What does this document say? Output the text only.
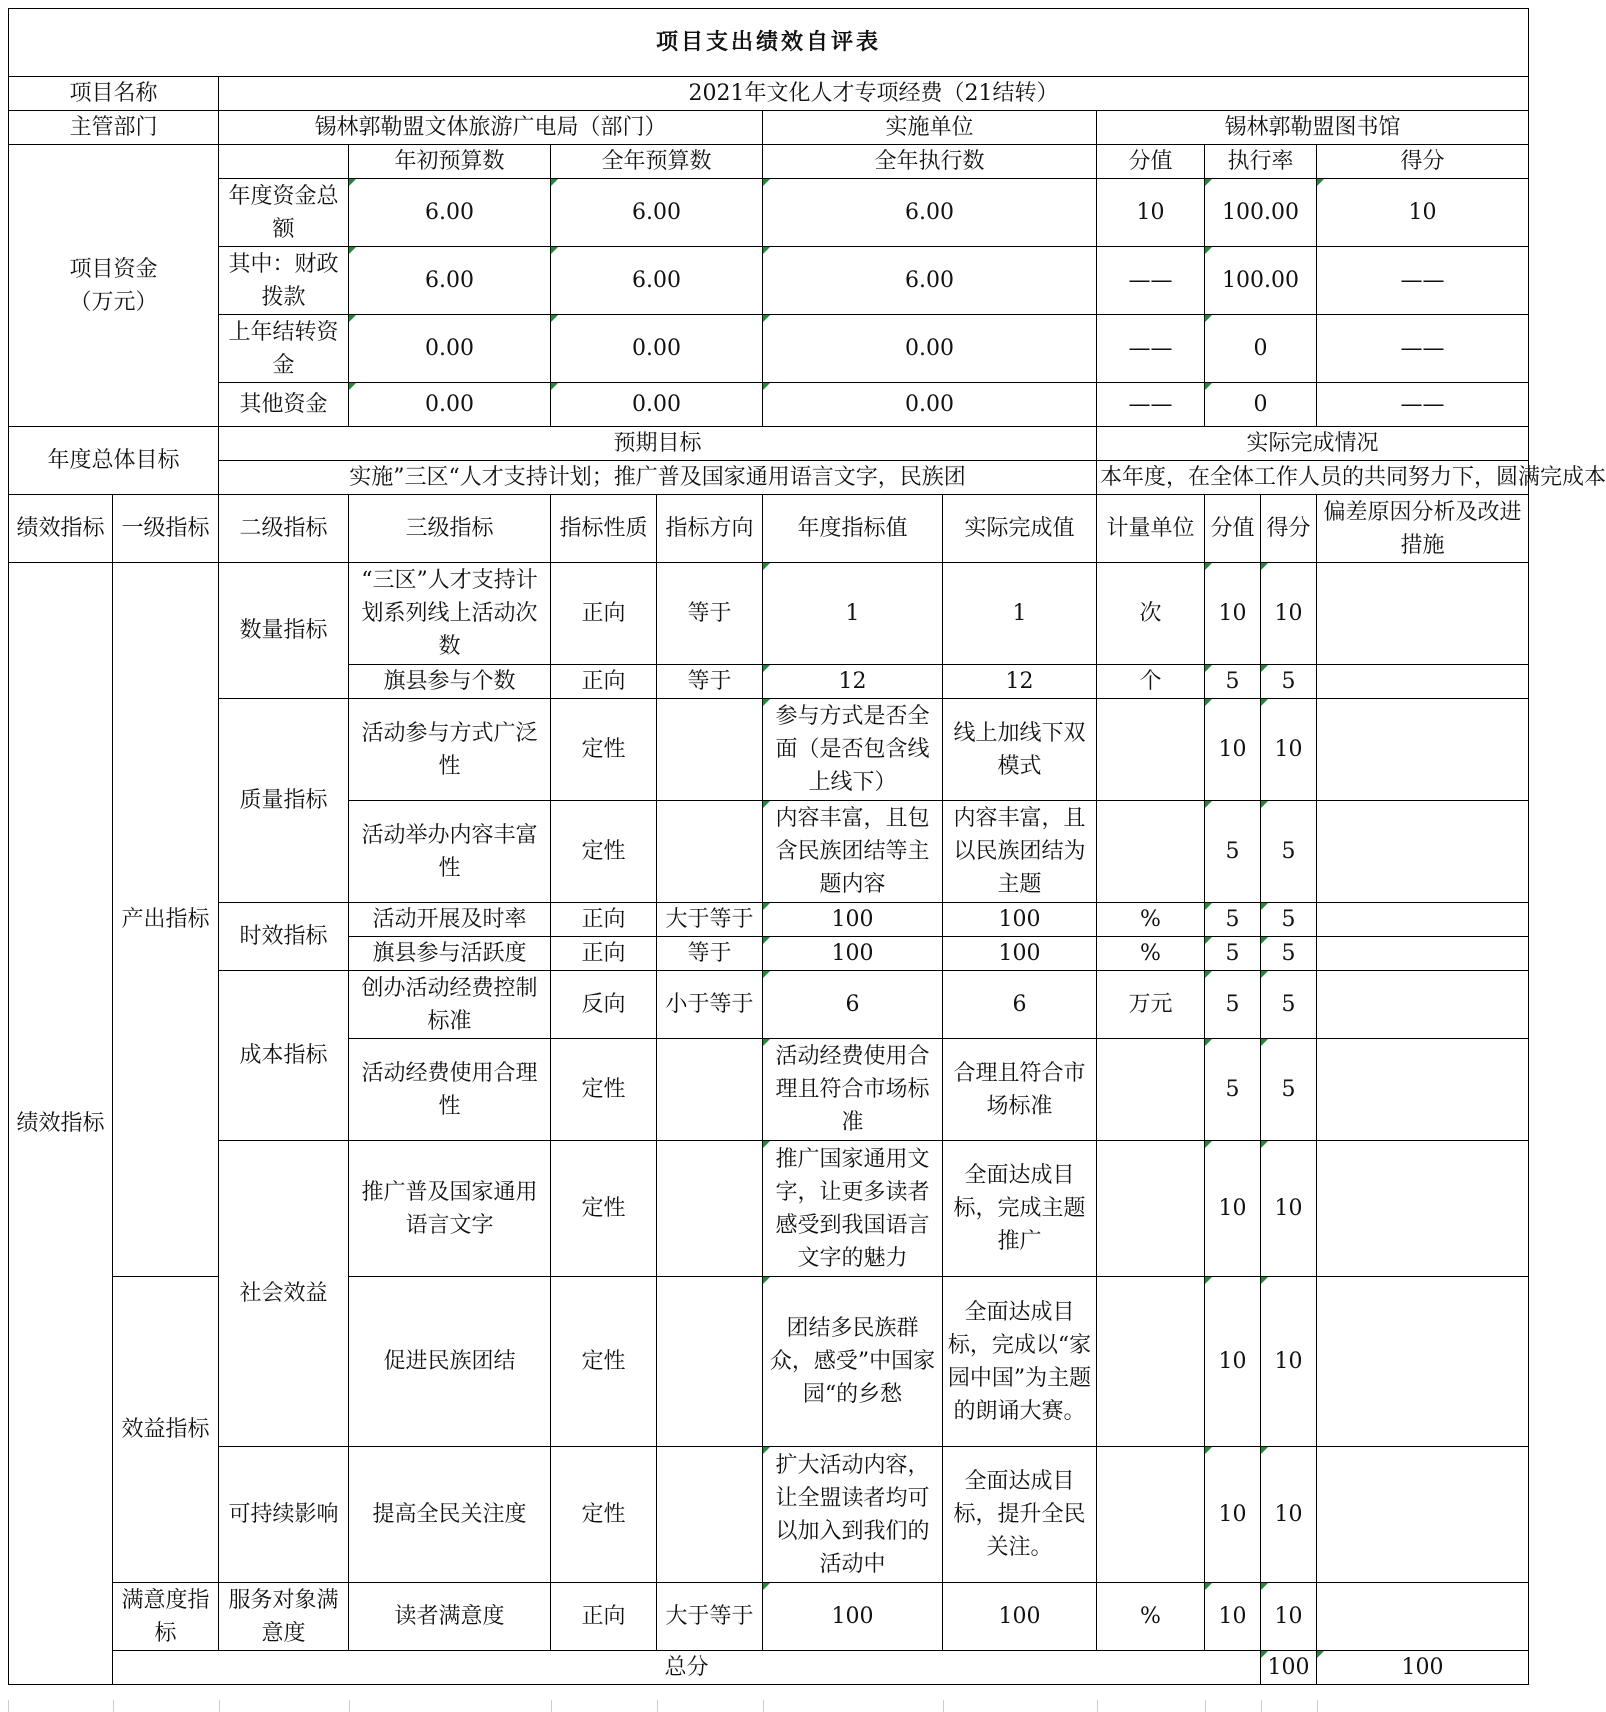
项目支出绩效自评表												
项目名称		2021年文化人才专项经费（21结转）										
主管部门		锡林郭勒盟文体旅游广电局（部门）				实施单位		锡林郭勒盟图书馆				
项目资金（万元）			年初预算数	全年预算数		全年执行数		分值	执行率		得分	
		年度资金总额	6.00	6.00		6.00		10	100.00		10	
		其中：财政拨款	6.00	6.00		6.00		——	100.00		——	
		上年结转资金	0.00	0.00		0.00		——	0		——	
		其他资金	0.00	0.00		0.00		——	0		——	
年度总体目标		预期目标						实际完成情况				
		实施”三区“人才支持计划；推广普及国家通用语言文字，民族团						本年度，在全体工作人员的共同努力下，圆满完成本				
绩效指标	一级指标	二级指标	三级指标	指标性质	指标方向	年度指标值	实际完成值	计量单位	分值	得分	偏差原因分析及改进措施	
绩效指标	产出指标	数量指标	“三区”人才支持计划系列线上活动次数	正向	等于	1	1	次	10	10		
			旗县参与个数	正向	等于	12	12	个	5	5		
		质量指标	活动参与方式广泛性	定性		参与方式是否全面（是否包含线上线下）	线上加线下双模式		10	10		
			活动举办内容丰富性	定性		内容丰富，且包含民族团结等主题内容	内容丰富，且以民族团结为主题		5	5		
		时效指标	活动开展及时率	正向	大于等于	100	100	%	5	5		
			旗县参与活跃度	正向	等于	100	100	%	5	5		
		成本指标	创办活动经费控制标准	反向	小于等于	6	6	万元	5	5		
			活动经费使用合理性	定性		活动经费使用合理且符合市场标准	合理且符合市场标准		5	5		
		社会效益	推广普及国家通用语言文字	定性		推广国家通用文字，让更多读者感受到我国语言文字的魅力	全面达成目标，完成主题推广		10	10		
	效益指标		促进民族团结	定性		团结多民族群众，感受”中国家园“的乡愁	全面达成目标，完成以“家园中国”为主题的朗诵大赛。		10	10		
		可持续影响	提高全民关注度	定性		扩大活动内容，让全盟读者均可以加入到我们的活动中	全面达成目标，提升全民关注。		10	10		
	满意度指标	服务对象满意度	读者满意度	正向	大于等于	100	100	%	10	10		
	总分									100	100	
